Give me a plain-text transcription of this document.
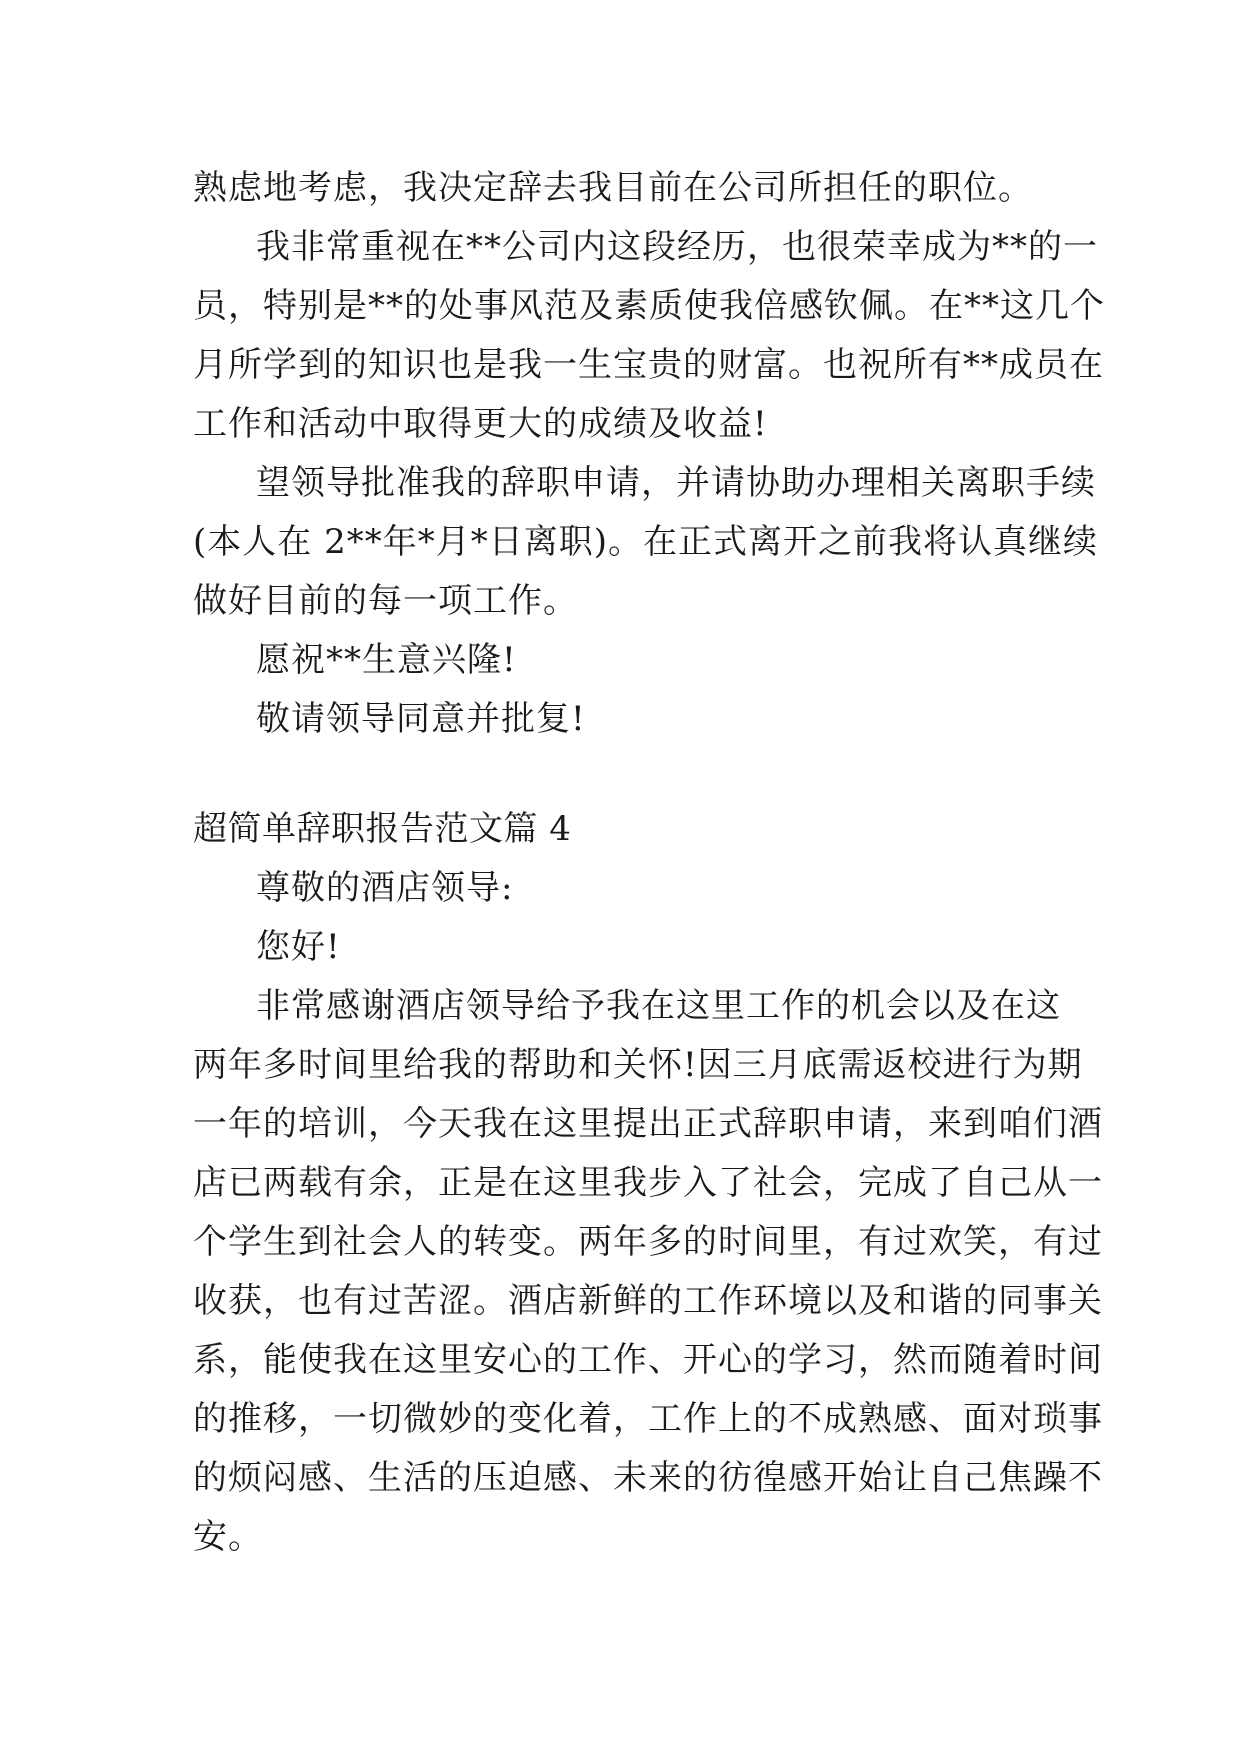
熟虑地考虑，我决定辞去我目前在公司所担任的职位。
我非常重视在**公司内这段经历，也很荣幸成为**的一
员，特别是**的处事风范及素质使我倍感钦佩。在**这几个
月所学到的知识也是我一生宝贵的财富。也祝所有**成员在
工作和活动中取得更大的成绩及收益!
望领导批准我的辞职申请，并请协助办理相关离职手续
(本人在 2**年*月*日离职)。在正式离开之前我将认真继续
做好目前的每一项工作。
愿祝**生意兴隆!
敬请领导同意并批复!
超简单辞职报告范文篇 4
尊敬的酒店领导:
您好!
非常感谢酒店领导给予我在这里工作的机会以及在这
两年多时间里给我的帮助和关怀!因三月底需返校进行为期
一年的培训，今天我在这里提出正式辞职申请，来到咱们酒
店已两载有余，正是在这里我步入了社会，完成了自己从一
个学生到社会人的转变。两年多的时间里，有过欢笑，有过
收获，也有过苦涩。酒店新鲜的工作环境以及和谐的同事关
系，能使我在这里安心的工作、开心的学习，然而随着时间
的推移，一切微妙的变化着，工作上的不成熟感、面对琐事
的烦闷感、生活的压迫感、未来的彷徨感开始让自己焦躁不
安。
